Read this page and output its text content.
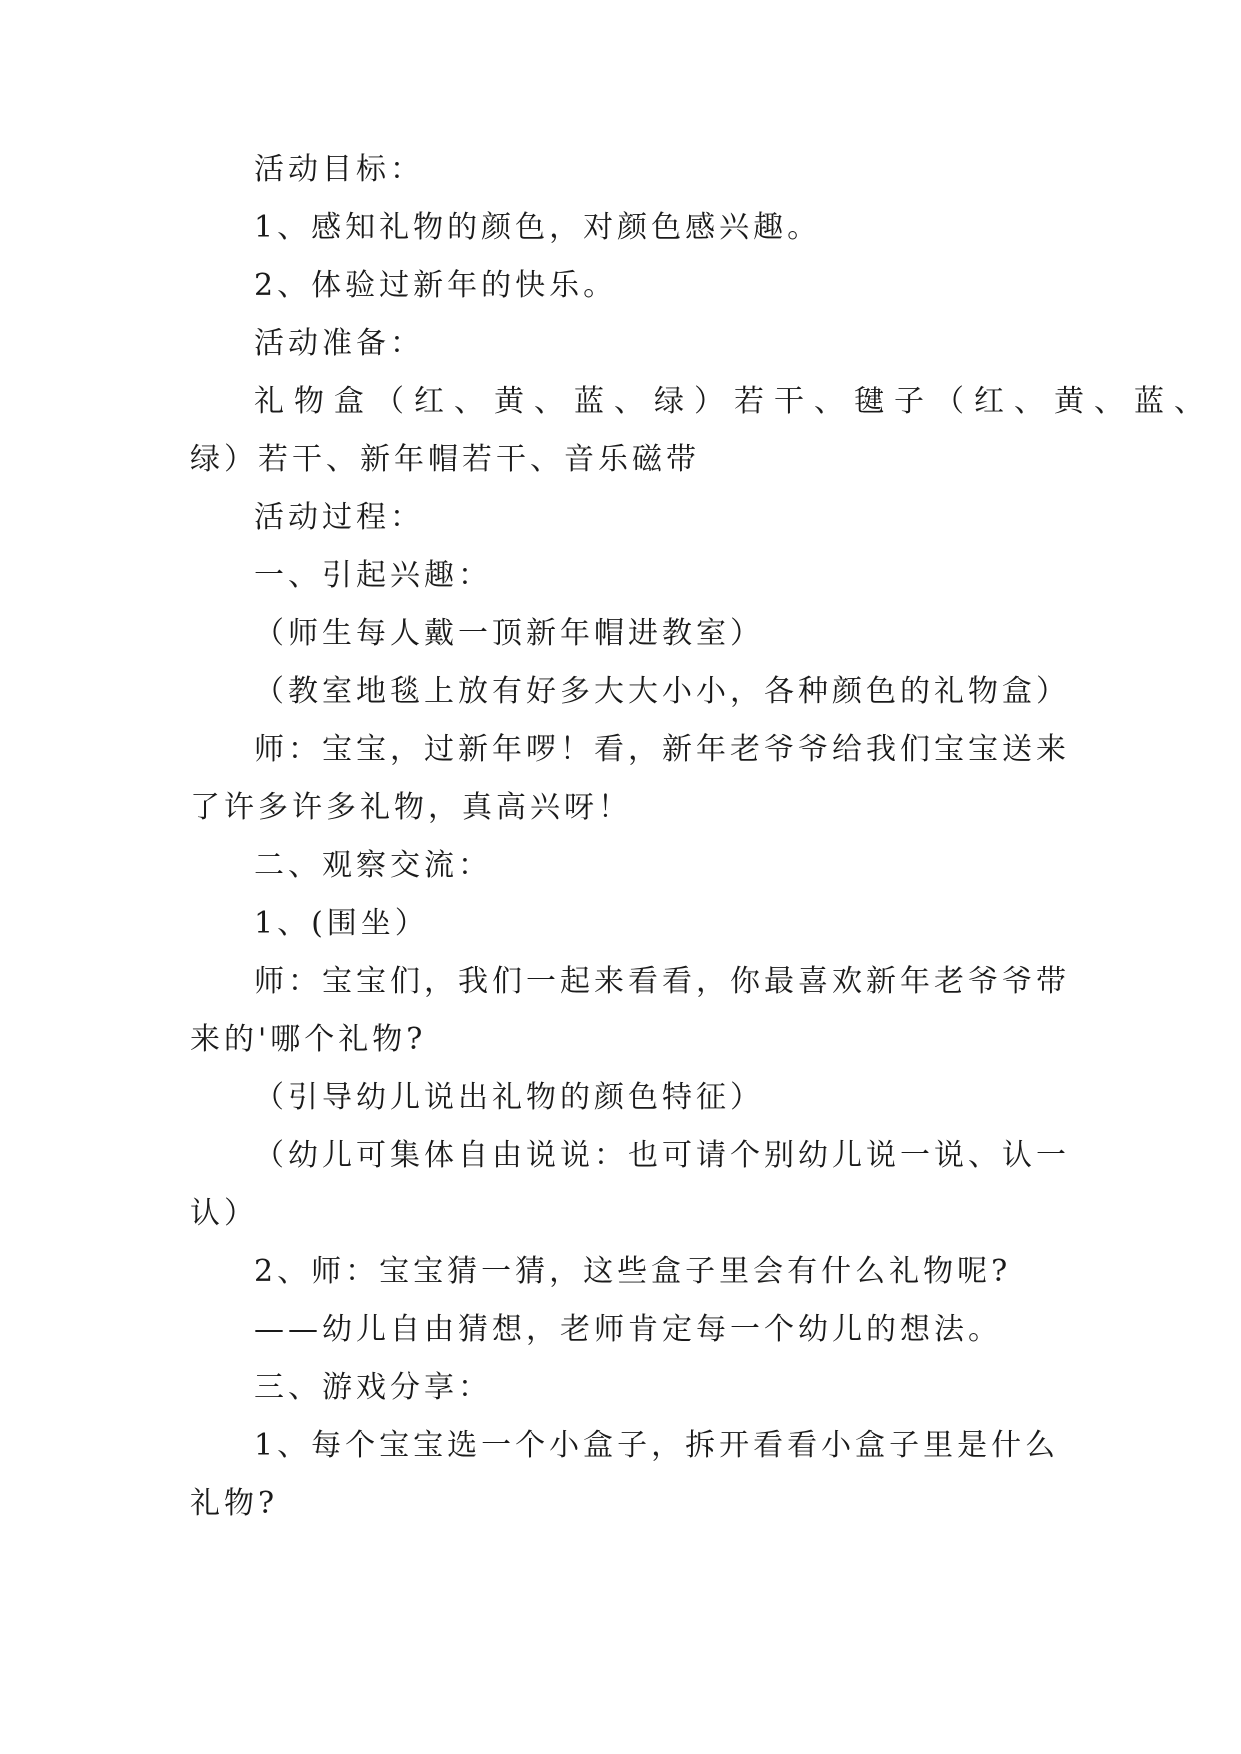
活动目标：

1、感知礼物的颜色，对颜色感兴趣。

2、体验过新年的快乐。

活动准备：

礼物盒（红、黄、蓝、绿）若干、毽子（红、黄、蓝、

绿）若干、新年帽若干、音乐磁带

活动过程：

一、引起兴趣：

（师生每人戴一顶新年帽进教室）

（教室地毯上放有好多大大小小，各种颜色的礼物盒）

师：宝宝，过新年啰！看，新年老爷爷给我们宝宝送来

了许多许多礼物，真高兴呀！

二、观察交流：

1、(围坐）

师：宝宝们，我们一起来看看，你最喜欢新年老爷爷带

来的'哪个礼物?

（引导幼儿说出礼物的颜色特征）

（幼儿可集体自由说说：也可请个别幼儿说一说、认一

认）

2、师：宝宝猜一猜，这些盒子里会有什么礼物呢?

——幼儿自由猜想，老师肯定每一个幼儿的想法。

三、游戏分享：

1、每个宝宝选一个小盒子，拆开看看小盒子里是什么

礼物?
